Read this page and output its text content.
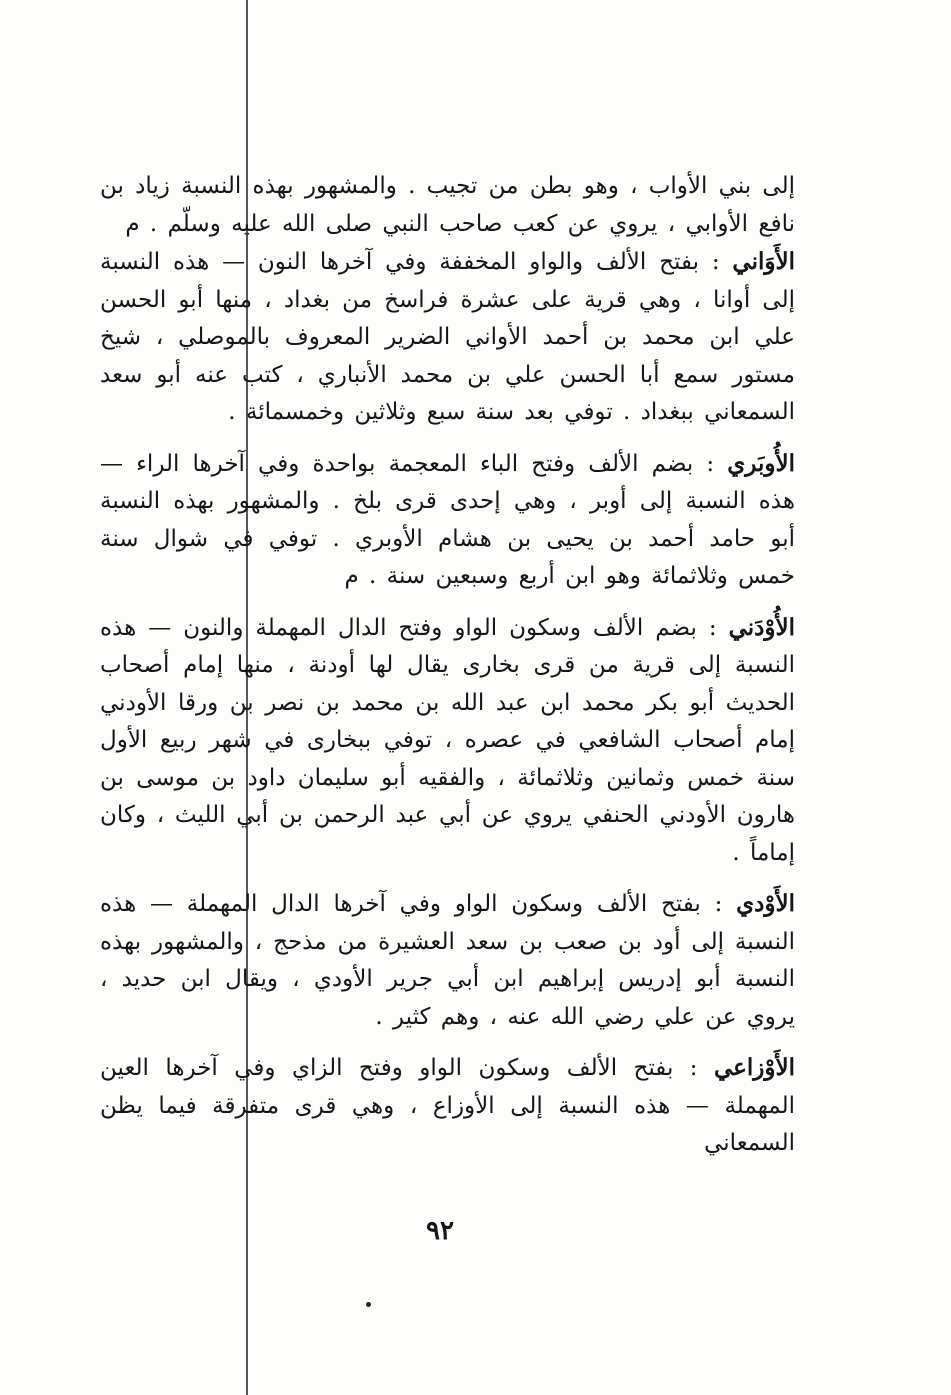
إلى بني الأواب ، وهو بطن من تجيب . والمشهور بهذه النسبة زياد بن نافع الأوابي ، يروي عن كعب صاحب النبي صلى الله عليه وسلّم . م

الأَوَاني : بفتح الألف والواو المخففة وفي آخرها النون — هذه النسبة إلى أوانا ، وهي قرية على عشرة فراسخ من بغداد ، منها أبو الحسن علي ابن محمد بن أحمد الأواني الضرير المعروف بالموصلي ، شيخ مستور سمع أبا الحسن علي بن محمد الأنباري ، كتب عنه أبو سعد السمعاني ببغداد . توفي بعد سنة سبع وثلاثين وخمسمائة .

الأُوبَري : بضم الألف وفتح الباء المعجمة بواحدة وفي آخرها الراء — هذه النسبة إلى أوبر ، وهي إحدى قرى بلخ . والمشهور بهذه النسبة أبو حامد أحمد بن يحيى بن هشام الأوبري . توفي في شوال سنة خمس وثلاثمائة وهو ابن أربع وسبعين سنة . م

الأُوْدَني : بضم الألف وسكون الواو وفتح الدال المهملة والنون — هذه النسبة إلى قرية من قرى بخارى يقال لها أودنة ، منها إمام أصحاب الحديث أبو بكر محمد ابن عبد الله بن محمد بن نصر بن ورقا الأودني إمام أصحاب الشافعي في عصره ، توفي ببخارى في شهر ربيع الأول سنة خمس وثمانين وثلاثمائة ، والفقيه أبو سليمان داود بن موسى بن هارون الأودني الحنفي يروي عن أبي عبد الرحمن بن أبي الليث ، وكان إماماً .

الأَوْدي : بفتح الألف وسكون الواو وفي آخرها الدال المهملة — هذه النسبة إلى أود بن صعب بن سعد العشيرة من مذحج ، والمشهور بهذه النسبة أبو إدريس إبراهيم ابن أبي جرير الأودي ، ويقال ابن حديد ، يروي عن علي رضي الله عنه ، وهم كثير .

الأَوْزاعي : بفتح الألف وسكون الواو وفتح الزاي وفي آخرها العين المهملة — هذه النسبة إلى الأوزاع ، وهي قرى متفرقة فيما يظن السمعاني

٩٢
